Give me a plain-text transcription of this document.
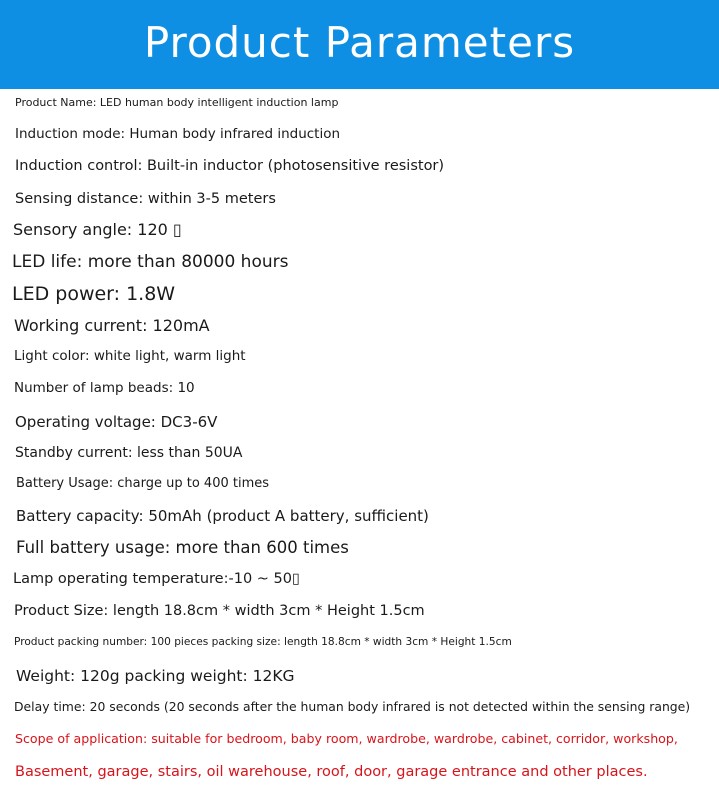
Product Parameters
Product Name: LED human body intelligent induction lamp
Induction mode: Human body infrared induction
Induction control: Built-in inductor (photosensitive resistor)
Sensing distance: within 3-5 meters
Sensory angle: 120 ▯
LED life: more than 80000 hours
LED power: 1.8W
Working current: 120mA
Light color: white light, warm light
Number of lamp beads: 10
Operating voltage: DC3-6V
Standby current: less than 50UA
Battery Usage: charge up to 400 times
Battery capacity: 50mAh (product A battery, sufficient)
Full battery usage: more than 600 times
Lamp operating temperature:-10 ~ 50▯
Product Size: length 18.8cm * width 3cm * Height 1.5cm
Product packing number: 100 pieces packing size: length 18.8cm * width 3cm * Height 1.5cm
Weight: 120g packing weight: 12KG
Delay time: 20 seconds (20 seconds after the human body infrared is not detected within the sensing range)
Scope of application: suitable for bedroom, baby room, wardrobe, wardrobe, cabinet, corridor, workshop,
Basement, garage, stairs, oil warehouse, roof, door, garage entrance and other places.
